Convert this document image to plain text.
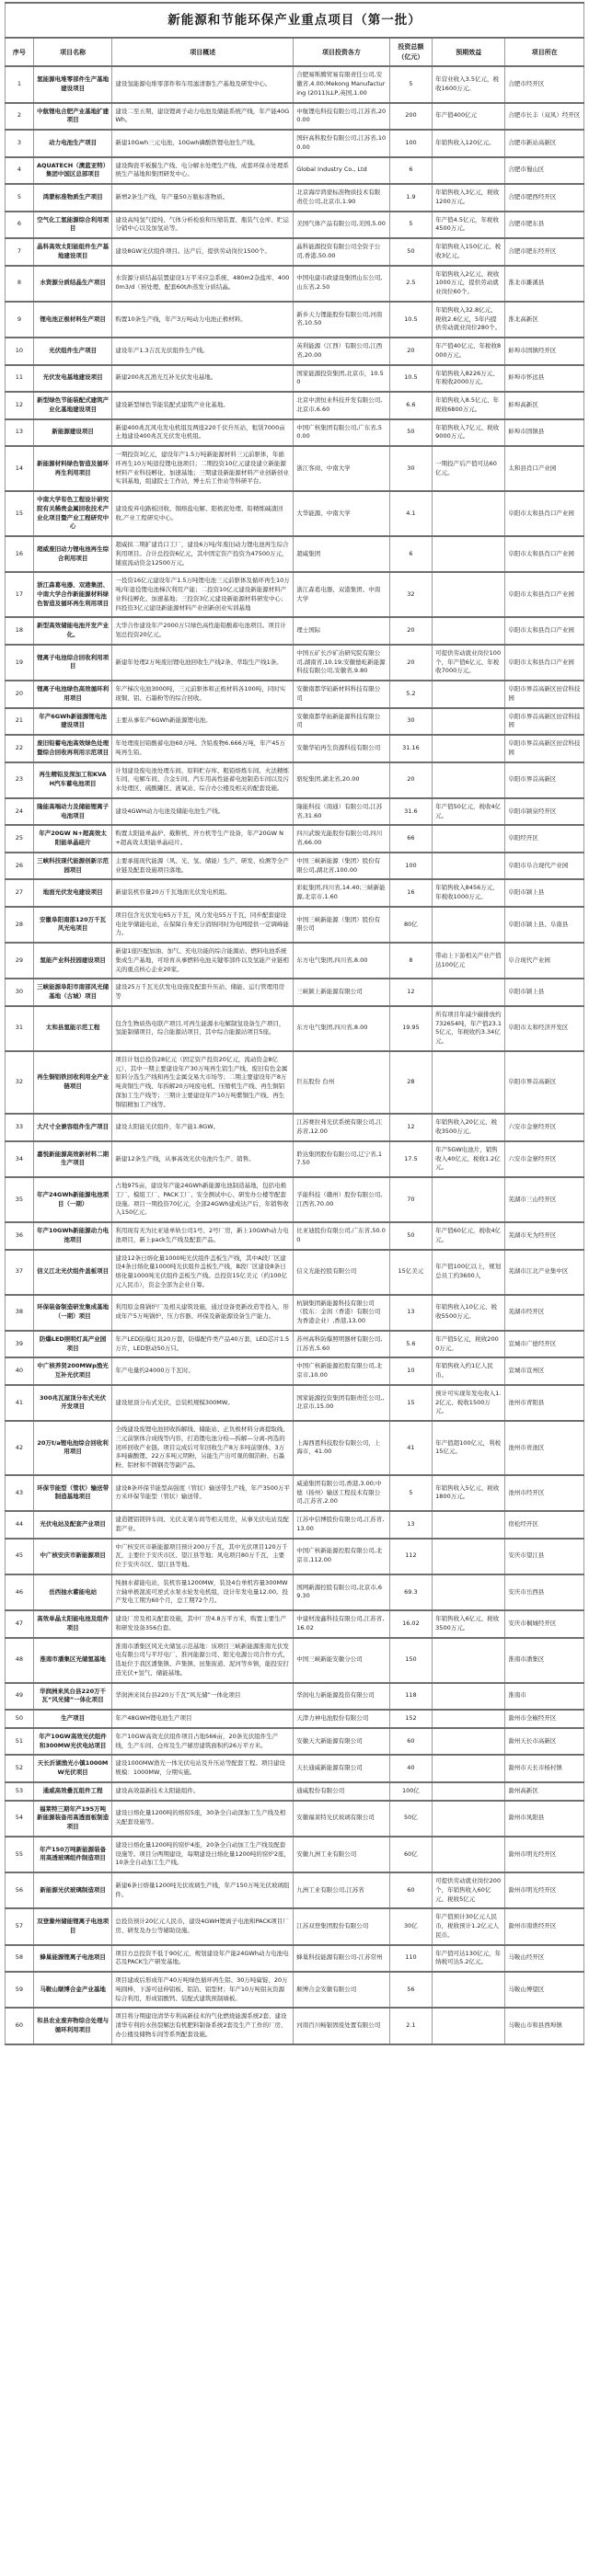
新能源和节能环保产业重点项目（第一批）						
序号	项目名称	项目概述	项目投资各方	投资总额（亿元）	预期效益	项目所在
1	氢能源电堆零部件生产基地建设项目	建设氢能源电堆零部件和车用滤清器生产基地及研发中心。	合肥易斯腾贸易有限责任公司,安徽省,4.00;Mekong Manufacturing (2011)LLP,英国,1.00	5	年营业收入3.5亿元，税收1600万元。	合肥市经开区
2	中航锂电合肥产业基地扩建项目	建设二至五期，建设锂离子动力电池及储能系统产线，年产能40GWh。	中航锂电科技有限公司,江苏省,200.00	200	年产值400亿元	合肥市长丰（双凤）经开区
3	动力电池生产项目	新建10Gwh三元电池，10Gwh磷酸铁锂电池生产线。	国轩高科股份有限公司,江苏省,100.00	100	年销售收入120亿元。	合肥市新站高新区
4	AQUATECH（澳蓝亚特）集团中国区总部项目	建设陶瓷平板膜生产线、电分解水处理生产线、成套环保水处理系统生产基地和集团研发中心。	Global Industry Co., Ltd	6		合肥市蜀山区
5	鸿蒙标准物质生产项目	新增2条生产线，年产量50万瓶标准物质。	北京海岸鸿蒙标准物质技术有限责任公司,北京市,1.90	1.9	年销售收入3亿元，税收1200万元。	合肥市肥西经开区
6	空气化工氢能源综合利用项目	建设高纯氢气提纯、气体分析检验和压缩装置、瓶装气仓库、贮运分销中心以及加氢站等。	美国气体产品有限公司,美国,5.00	5	年产值4.5亿元，年税收4500万元。	合肥市肥东县
7	晶科高效太阳能组件生产基地建设项目	建设8GW光伏组件项目。达产后，提供劳动岗位1500个。	晶科能源投资有限公司全资子公司,香港,50.00	50	年销售收入150亿元、税收3亿元。	合肥市肥东经开区
8	水资源分质结晶生产项目	水资源分质结晶装置建设1万平米应急系统、480m2杂盐库、4000m3/d（预处理、配套60t/h蒸发分质结晶。	中国电建市政建设集团山东公司,山东省,2.50	2.5	年销售收入2亿元、税收1000万元，提供劳动就业岗位60个。	淮北市濉溪县
9	锂电池正极材料生产项目	购置10条生产线，年产3万吨动力电池正极材料。	新乡天力锂能股份有限公司,河南省,10.50	10.5	年销售收入32.8亿元、税收2.6亿元，5年内提供劳动就业岗位280个。	淮北高新区
10	光伏组件生产项目	建设年产1.3吉瓦光伏组件生产线。	英利能源（江西）有限公司,江西省,20.00	20	年产值40亿元、年税收8000万元。	蚌埠市固镇经开区
11	光伏发电基地建设项目	新建200兆瓦渔光互补光伏发电基地。	国家能源投资集团,北京市，10.50	10.5	年销售收入8226万元、年税收2000万元。	蚌埠市怀远县
12	新型绿色节能装配式建筑产业化基地建设项目	建设新型绿色节能装配式建筑产业化基地。	北京中清恒业科技开发有限公司,北京市,6.60	6.6	年销售收入8.5亿元、年税收6800万元。	蚌埠高新区
13	新能源建设项目	新建400兆瓦风电发电机组及两座220千伏升压站，租赁7000亩土地建设400兆瓦光伏发电机组。	中国广核集团有限公司,广东省,50.00	50	年销售收入7亿元、税收9000万元。	蚌埠市固镇县
14	新能源材料绿色智造及循环再生利用项目	一期投资3亿元，建设年产1.5万吨新能源材料三元前驱体，年循环再生10万吨退役锂电池项目；二期投资10亿元建设建立新能源材料产业科技孵化、加速基地；三期建设新能源材料产业创新创业实训基地，组建院士工作站，博士后工作站等科研平台。	浙江客商、中南大学	30	一期投产后产值可达60亿元。	太和县肖口产业园
15	中南大学有色工程设计研究院有关稀贵金属回收技术产业化项目暨产业工程研究中心	建设废弃电路板回收、铜熔盐电解、阳极泥处理、铅精炼碱渣回收,产业工程研究中心。	大华能源、中南大学	4.1		阜阳市太和县肖口产业园
16	超威废旧动力锂电池再生综合利用项目	超威拟二期扩建肖口工厂，建设6万吨/年废旧动力锂电池再生综合利用项目。合计总投资6亿元，其中固定资产投资为47500万元，铺底流动资金12500万元。	超威集团	6		阜阳市太和县肖口产业园
17	浙江森葛电器、双港集团、中南大学合作新能源材料绿色智造及循环再生利用项目	一投资16亿元建设年产1.5万吨锂电池三元前驱体及循环再生10万吨/年退役锂电池梯次利用产能；二投资10亿元建设新能源材料产业科技孵化、加速基地；三投资3亿元建设新能源材料研发中心；四投资3亿元建设新能源材料产业创新创业实训基地	浙江森葛电器、双港集团、中南大学	32		阜阳市太和县肖口产业园
18	新型高效储能电池开发产业化。	大华合作建设年产2000万只绿色高性能铅酸蓄电池项目。项目计划总投资20亿元。	理士国际	20		阜阳市太和县肖口产业园
19	锂离子电池综合回收利用项目	新建年处理2万吨废旧锂电池回收生产线2条、萃取生产线1条。	中国五矿长沙矿冶研究院有限公司,湖南省,10.19;安徽德屹新能源科技有限公司,安徽省,9.80	20	可提供劳动就业岗位100个，年产值6亿元、年税收7000万元。	阜阳市太和县肖口产业园
20	锂离子电池绿色高效循环利用项目	年产梯次电池3000吨，三元前驱体和正极材料各100吨，同时实现铜、铝、石墨粉等的综合回收。	安徽南都华铂新材料科技有限公司	5.2		阜阳市界首高新区田营科技园
21	年产6GWh新能源锂电池建设项目	主要从事年产6GWh新能源锂电池。	安徽南都华拓新能源科技有限公司	30		阜阳市界首高新区田营科技园
22	废旧铅蓄电池高效绿色处理暨综合回收再利用示范项目	年处理废旧铅酸蓄电池60万吨、含铅废物6.666万吨，年产45万吨再生铅。	安徽华铂再生资源科技有限公司	31.16		阜阳市界首高新区田营科技园
23	再生精铅及深加工和KVAH汽车蓄电池项目	计划建设废电池处理车间、原料贮存库、粗铅熔炼车间、火法精炼车间、电解车间、合金车间、汽车用高性能蓄电池制造车间以及污水处理区、硫酸罐区、液氧站、综合办公楼及相关的配套设施。	骆驼集团,湖北省,20.00	20		阜阳市界首高新区
24	隆能高端动力及储能锂离子电池项目	建设4GWH动力电池及储能电池生产线。	隆能科技（南通）有限公司,江苏省,31.60	31.6	年产值50亿元，税收4亿元。	阜阳市颍泉经开区
25	年产20GW N+超高效太阳能单晶硅片	购置太阳能单晶炉、截断机、开方机等生产设备，年产20GW N+超高效太阳能单晶硅片。	四川武骏光能股份有限公司,四川省,66.00	66		阜阳经开区
26	三峡科技现代能源创新示范园项目	主要承接现代能源（风、光、氢、储能）生产、研发、检测等全产业链及配套设施项目落地。	中国三峡新能源（集团）股份有限公司,湖北省,100.00	100		阜阳市阜合现代产业园
27	地面光伏发电建设项目	新建装机容量20万千瓦地面光伏发电机组。	彩虹集团,四川省,14.40;三峡新能源,北京市,1.60	16	年销售收入8456万元、年税收1000万元。	阜阳市颍上县
28	安徽阜阳南部120万千瓦风光电项目	项目包含光伏发电65万千瓦，风力发电55万千瓦，同步配套建设电化学储能电站，在保障自身充分消纳同时为电网提供一定调峰能力。	中国三峡新能源（集团）股份有限公司	80亿		阜阳市颍上县、阜南县
29	氢能产业科技园建设项目	新建1座匹配加油、加气、充电功能的综合能源站、燃料电池系统集成生产基地，可培育从事燃料电池关键零部件以及氢能产业链相关的重点核心企业20家。	东方电气集团,四川省,8.00	8	带动上下游相关产业产值达100亿元	阜合现代产业园
30	三峡能源阜阳市南部风光储基地（古城）项目	建设25万千瓦光伏发电设施及配套升压站、储能、运行管理用房等	三峡颍上新能源有限公司	12		阜阳市颍上县
31	太和县氢能示范工程	包含生物质热电联产项目,可再生能源水电解制氢设备生产项目，氢能制储项目，综合能源站项目，其中综合能源站项目5座。	东方电气集团,四川省,8.00	19.95	所有项目年减少碳排放约732654吨，年产值23.15亿元，年税收约3.34亿元。	阜阳市太和经济开发区
32	再生铜铝铁回收利用全产业链项目	项目计划总投资28亿元（固定资产投资20亿元，流动资金8亿元），其中一期主要建设年产30万吨再生铝生产线、废旧有色金属原料分选生产线和再生金属交易大市场等；二期主要建设年产8万吨黄铜生产线、年拆解20万吨废电机、压缩机生产线、再生铜铝深加工生产线等；三期计主要建设年产10万吨紫铜生产线、再生铜铝精加工产线等。	巨东股份 台州	28		阜阳市界首高新区
33	大尺寸全兼容组件生产项目	建设太阳能光伏组件，年产能1.8GW。	江苏赛拉弗光伏系统有限公司,江苏省,12.00	12	年销售收入20亿元、税收3500万元。	六安市金寨经开区
34	嘉悦新能源高效新材料二期生产项目	新建12条生产线，从事高效光伏电池片生产、销售。	聆达集团股份有限公司,辽宁省,17.50	17.5	年产5GW电池片，销售收入40亿元、税收1.2亿元。	六安市金寨经开区
35	年产24GWh新能源电池项目（一期）	占地975亩，建设年产能24GWh新能源电池制造基地，包括电极工厂、模组工厂、PACK工厂、安全测试中心、研发办公楼等配套设施。项目一期投资70亿元，全部24GWh建成达产后，年销售收入150亿元,	孚能科技（赣州）股份有限公司,江西省,70.00	70		芜湖市三山经开区
36	年产10GWh新能源动力电池项目	利用现有无为比亚迪单轨公司1号、2号厂房，新上10GWh动力电池项目，新上pack生产线及配套产品。	比亚迪股份有限公司,广东省,50.00	50	年产值60亿元，税收4亿元。	芜湖市无为经开区
37	信义江北光伏组件盖板项目	建设12条日熔化量1000吨光伏组件盖板生产线，其中A段厂区建设4条日熔化量1000吨光伏组件盖板生产线，B段厂区建设8条日熔化量1000吨光伏组件盖板生产线。总投资15亿美元（约100亿元人民币），资金全部为企业自筹。	信义光能控股有限公司	15亿美元	年产值100亿以上，规划总员工约3600人	芜湖市江北产业集中区
38	环保装备制造研发集成基地（一期）项目	利用原金鼎锅炉厂及相关建筑设施，通过设备更新改造等投入，形成年产5万吨锅炉、压力容器、环保及新能源设备生产能力。	杭锅集团新能源科技有限公司（股东：金润（香港）有限公司为香港企业）,香港,13.00	13	年销售收入10亿元、税收5500万元。	芜湖市经开区
39	防爆LED照明灯具产业园项目	年产LED防爆灯具20万套，防爆配件类产品40万套，LED芯片1.5万片，LED驱动50万只。	苏州高科防爆照明器材有限公司,江苏省,5.60	5.6	年产值5亿元，税收2000万元。	宣城市广德经开区
40	中广核养贤200MWp渔光互补光伏项目	年产电量约24000万千瓦时。	中国广核新能源控股有限公司,北京市,10.00	10	年销售收入约1亿人民币。	宣城市宣州区
41	300兆瓦屋顶分布式光伏开发项目	建设屋顶分布式光伏，总装机规模300MW。	国家能源投资集团有限责任公司,,北京市,15.00	15	预计可实现年发电收入1.2亿元、税收1500万元。	池州市青阳县
42	20万t/a锂电池综合回收利用项目	全线建设废锂电池回收拆解线、储能站、正负极材料分离提取线、三元前驱体合成线等内容，打造锂电池分检—拆解—分离-再选的闭环回收产业链。项目完成后可年回收生产8万多吨前驱体、3万多吨碳酸锂、22万多吨元明粉，另能生产出可观的铜箔粉、石墨粉、铝材和不锈钢壳等副产品。	上海西恩科技股份有限公司，上海市，41.00	41	年产值超100亿元，利税15亿元。	池州市贵池区
43	环保节能型（管状）输送带制造基地项目	建设8条环保节能型高强度（管状）输送带生产线，年产3500万平方米环保节能型（管状）输送带。	威通集团有限公司,香港,3.00;中德（扬州）输送工程技术有限公司,江苏省,2.00	5	年销售收入5亿元、税收1800万元。	池州市经开区
44	光伏电站及配套产业项目	建造镀铝镁锌车间、光伏支架车间等相关用房，从事光伏电站及配套产业。	江苏中信博股份有限公司,江苏省,13.00	13		宿松经开区
45	中广核安庆市新能源项目	中广核安庆市新能源项目预计200万千瓦，其中光伏项目120万千瓦，主要位于安庆市区、望江县等地；风电项目80万千瓦，主要位于安庆市区、望江县等地。	中国广核新能源控股有限公司,北京市,112.00	112		安庆市望江县
46	岳西抽水蓄能电站	纯抽水蓄能电站，装机容量1200MW，装设4台单机容量300MW立轴单极混流可逆式水泵水轮发电机组，设计年发电量12.00。投产发电工期为60个月，总工期72个月。	国网新源控股有限公司,北京市,69.30	69.3		安庆市岳西县
47	高效单晶太阳能电池及组件项目	建设厂房及相关配套设施，其中厂房4.8万平方米，购置主要生产和研发设备356台套。	中建材浚鑫科技有限公司,江苏省,16.02	16.02	年销售收入6亿元、税收3500万元。	安庆市桐城经开区
48	淮南市潘集区光储氢基地	淮南市潘集区风光火储氢示范基地：该项目三峡新能源淮南光伏发电有限公司与平圩电厂、淮河能源公司、阳光电源公司合作方式，选址位于我区潘集镇、芦集镇、田集街道、泥河等乡镇，能投安打造光伏+氢气、储能基地。	中国三峡新能安徽分公司	150		淮南市潘集区
49	华润洲来凤台县220万千瓦“风光储”一体化项目	华润洲来凤台县220万千瓦“风光储”一体化项目	华润电力新能源投资有限公司	118		淮南市
50	生产项目	年产48GWH锂电池生产项目	天津力神电池股份有限公司	152		滁州市全椒经开区
51	年产10GW高效光伏组件和300MW光伏电站项目	年产10GW高效光伏组件项目占地566亩，20条光伏组件生产线，生产车间、仓库及生产辅房建筑面积约26万平方米。	安徽天大新能源有限公司	60		滁州天长市高新区
52	天长沂湖渔光小镇1000MW光伏项目	建设1000MW渔光一体光伏电站及升压站等配套工程。项目建设规模：1000MW，分期实施。	天长通威新能源有限公司	40		滁州市天长市杨村镇
53	通威高效叠瓦组件工程	建设高效最新技术太阳能组件。	通威股份有限公司	100亿		滁州高新区
54	福莱特三期年产195万吨新能源装备用高透面板制造项目	建设日熔化量1200吨的熔窑5座，30条全自动深加工生产线及相关配套设施等。	安徽福莱特光伏玻璃有限公司	50亿		滁州市凤阳县
55	年产150万吨新能源装备用高透玻璃组件制造项目	建设日熔化量1200吨的窑炉4座，20条全自动加工生产线及配套设施等。项目分两期建设，每期建设日熔化量1200吨的窑炉2座，10条全自动加工生产线。	安徽九洲工业有限公司	60亿		滁州市明光经开区
56	新能源光伏玻璃制造项目	新建6条日熔量1200吨光伏玻璃生产线，年产150万吨光伏玻璃组件。	九洲工业有限公司,江苏省	60	可提供劳动就业岗位200个，年销售收入60亿元、税收5亿元	滁州市明光经开区
57	双登滁州储能锂离子电池项目	总投资预计20亿元人民币，建设4GWH锂离子电池和PACK项目厂房、研发及办公等辅助设施。	江苏双登集团股份有限公司	30亿	年产值预计30亿元人民币，税收预计1.2亿元人民币。	滁州市南谯经开区
58	蜂巢能源锂离子电池项目	项目方总投资不低于90亿元，规划建设年产能24GWh动力电池电芯及PACK生产研发基地。	蜂巢科技能源有限公司-江苏常州	110	年产值可达130亿元，年纳税可达5.2亿元。	马鞍山经开区
59	马鞍山顺博合金产业基地	项目建成后形成年产40万吨绿色循环再生铝、30万吨扁锭、20万吨圆棒，下游可延伸铝板、铝箔、铝型材；年产10万吨铝灰资源综合利用，形成铝酸钙、装配式建筑预制墙板。	顺博合金安徽有限公司	56		马鞍山博望区
60	和县农业废弃物综合处理与循环利用项目	项目将分期建设清华专利高新技术的气化燃烧能源系统2套、建设清华专利的水热裂解法有机肥料制备系统2套及生产工作的厂房、办公楼及储物车间等系列配套设施。	河南百川畅银固废处置有限公司	2.1		马鞍山市和县西埠镇
